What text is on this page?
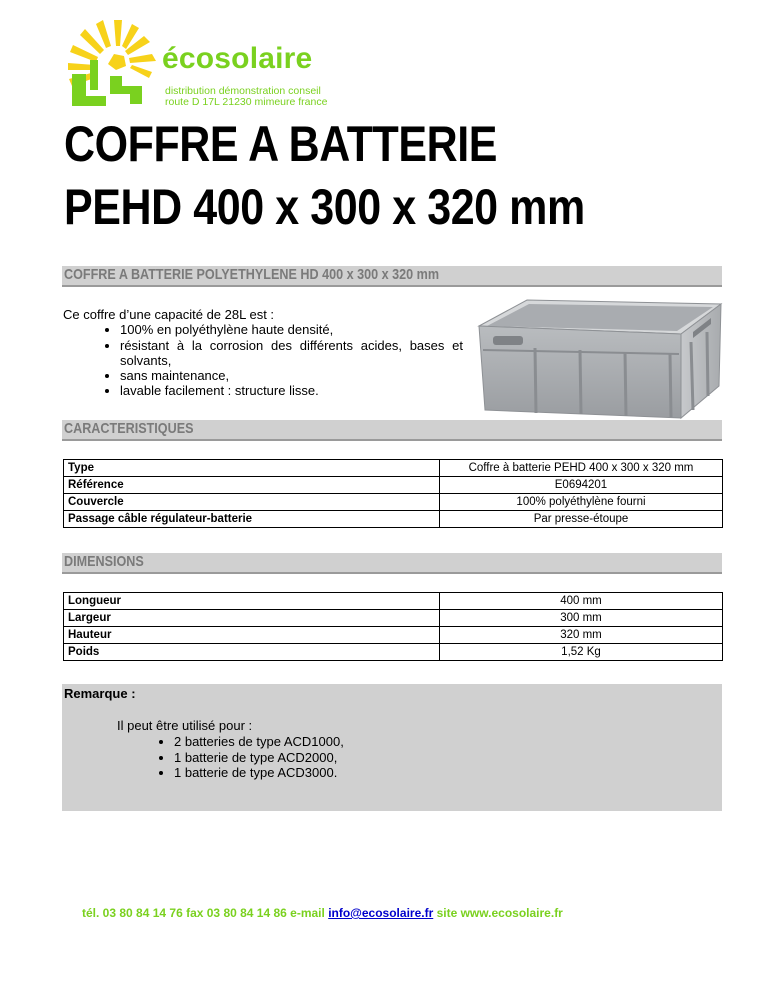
écosolaire
distribution démonstration conseil
route D 17L 21230 mimeure france
COFFRE A BATTERIE
PEHD 400 x 300 x 320 mm
COFFRE A BATTERIE POLYETHYLENE HD 400 x 300 x 320 mm

Ce coffre d’une capacité de 28L est :

• 100% en polyéthylène haute densité,
• résistant à la corrosion des différents acides, bases et solvants,
• sans maintenance,
• lavable facilement : structure lisse.
CARACTERISTIQUES
Type	Coffre à batterie PEHD 400 x 300 x 320 mm
Référence	E0694201
Couvercle	100% polyéthylène fourni
Passage câble régulateur-batterie	Par presse-étoupe
DIMENSIONS
Longueur	400 mm
Largeur	300 mm
Hauteur	320 mm
Poids	1,52 Kg
Remarque :
Il peut être utilisé pour :
• 2 batteries de type ACD1000,
• 1 batterie de type ACD2000,
• 1 batterie de type ACD3000.
tél. 03 80 84 14 76 fax 03 80 84 14 86 e-mail info@ecosolaire.fr site www.ecosolaire.fr
